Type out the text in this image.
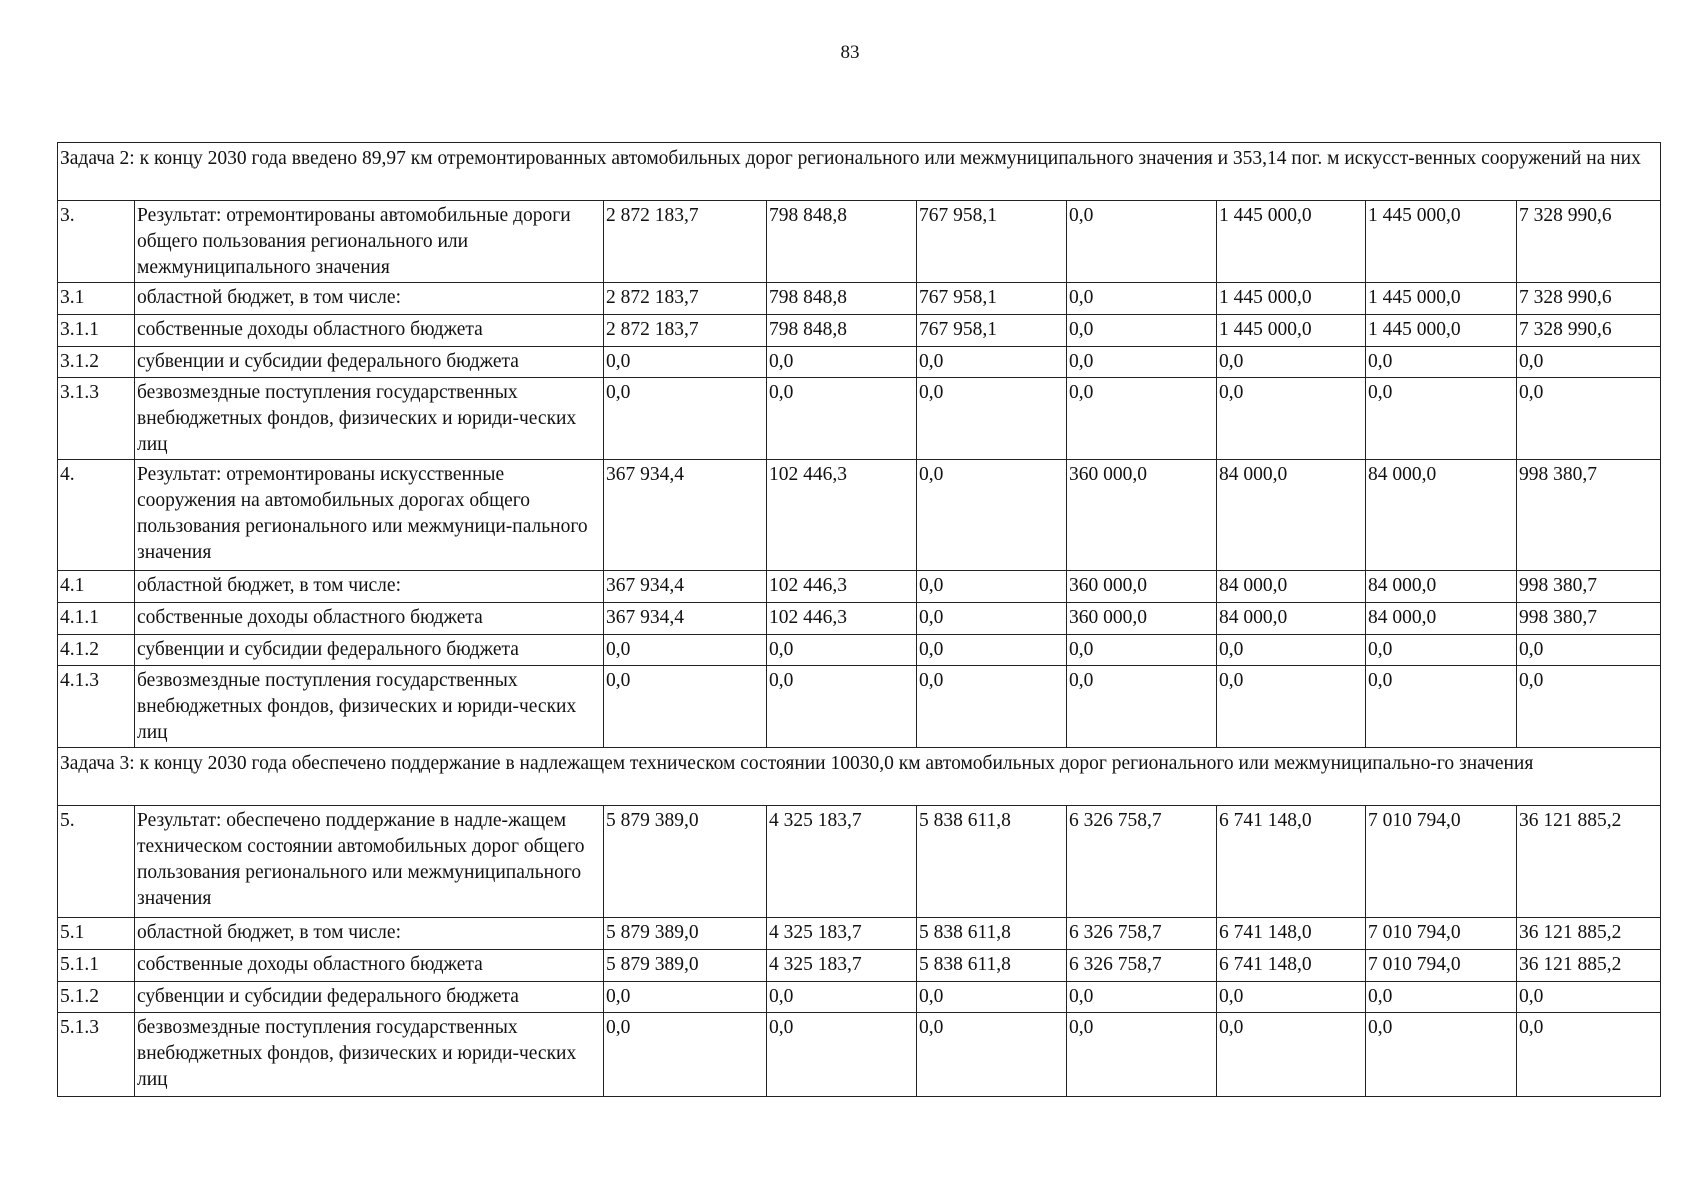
83
Задача 2: к концу 2030 года введено 89,97 км отремонтированных автомобильных дорог регионального или межмуниципального значения и 353,14 пог. м искусст-венных сооружений на них								
3.	Результат: отремонтированы автомобильные дороги общего пользования регионального или межмуниципального значения	2 872 183,7	798 848,8	767 958,1	0,0	1 445 000,0	1 445 000,0	7 328 990,6
3.1	областной бюджет, в том числе:	2 872 183,7	798 848,8	767 958,1	0,0	1 445 000,0	1 445 000,0	7 328 990,6
3.1.1	собственные доходы областного бюджета	2 872 183,7	798 848,8	767 958,1	0,0	1 445 000,0	1 445 000,0	7 328 990,6
3.1.2	субвенции и субсидии федерального бюджета	0,0	0,0	0,0	0,0	0,0	0,0	0,0
3.1.3	безвозмездные поступления государственных внебюджетных фондов, физических и юриди-ческих лиц	0,0	0,0	0,0	0,0	0,0	0,0	0,0
4.	Результат: отремонтированы искусственные сооружения на автомобильных дорогах общего пользования регионального или межмуници-пального значения	367 934,4	102 446,3	0,0	360 000,0	84 000,0	84 000,0	998 380,7
4.1	областной бюджет, в том числе:	367 934,4	102 446,3	0,0	360 000,0	84 000,0	84 000,0	998 380,7
4.1.1	собственные доходы областного бюджета	367 934,4	102 446,3	0,0	360 000,0	84 000,0	84 000,0	998 380,7
4.1.2	субвенции и субсидии федерального бюджета	0,0	0,0	0,0	0,0	0,0	0,0	0,0
4.1.3	безвозмездные поступления государственных внебюджетных фондов, физических и юриди-ческих лиц	0,0	0,0	0,0	0,0	0,0	0,0	0,0
Задача 3: к концу 2030 года обеспечено поддержание в надлежащем техническом состоянии 10030,0 км автомобильных дорог регионального или межмуниципально-го значения								
5.	Результат: обеспечено поддержание в надле-жащем техническом состоянии автомобильных дорог общего пользования регионального или межмуниципального значения	5 879 389,0	4 325 183,7	5 838 611,8	6 326 758,7	6 741 148,0	7 010 794,0	36 121 885,2
5.1	областной бюджет, в том числе:	5 879 389,0	4 325 183,7	5 838 611,8	6 326 758,7	6 741 148,0	7 010 794,0	36 121 885,2
5.1.1	собственные доходы областного бюджета	5 879 389,0	4 325 183,7	5 838 611,8	6 326 758,7	6 741 148,0	7 010 794,0	36 121 885,2
5.1.2	субвенции и субсидии федерального бюджета	0,0	0,0	0,0	0,0	0,0	0,0	0,0
5.1.3	безвозмездные поступления государственных внебюджетных фондов, физических и юриди-ческих лиц	0,0	0,0	0,0	0,0	0,0	0,0	0,0
